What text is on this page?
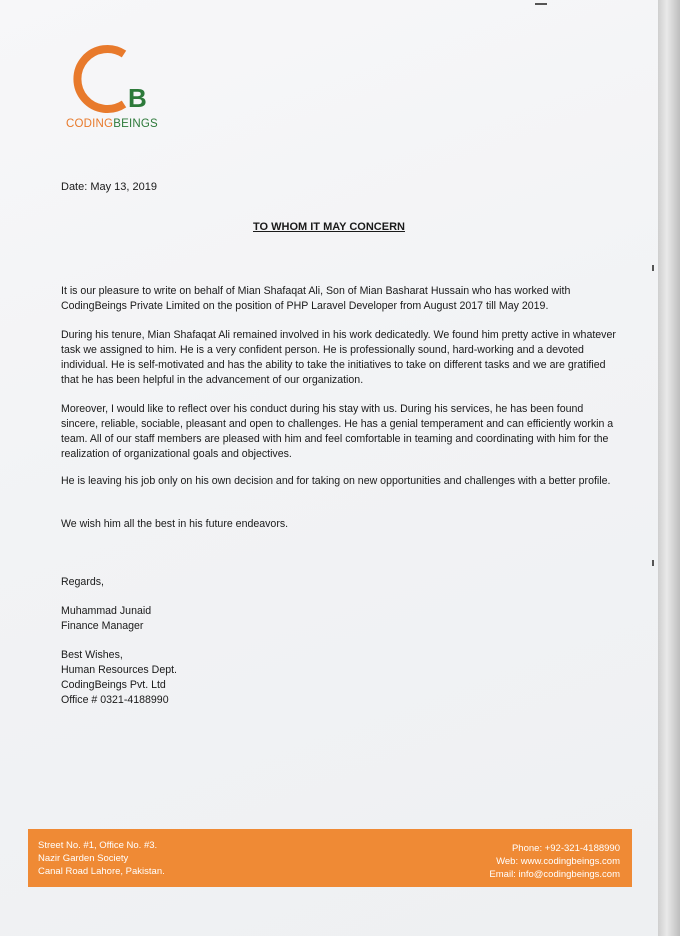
B
CODINGBEINGS
Date: May 13, 2019
TO WHOM IT MAY CONCERN

It is our pleasure to write on behalf of Mian Shafaqat Ali, Son of Mian Basharat Hussain who has worked with CodingBeings Private Limited on the position of PHP Laravel Developer from August 2017 till May 2019.

During his tenure, Mian Shafaqat Ali remained involved in his work dedicatedly. We found him pretty active in whatever task we assigned to him. He is a very confident person. He is professionally sound, hard-working and a devoted individual. He is self-motivated and has the ability to take the initiatives to take on different tasks and we are gratified that he has been helpful in the advancement of our organization.

Moreover, I would like to reflect over his conduct during his stay with us. During his services, he has been found sincere, reliable, sociable, pleasant and open to challenges. He has a genial temperament and can efficiently workin a team. All of our staff members are pleased with him and feel comfortable in teaming and coordinating with him for the realization of organizational goals and objectives.

He is leaving his job only on his own decision and for taking on new opportunities and challenges with a better profile.

We wish him all the best in his future endeavors.

Regards,
Muhammad Junaid
Finance Manager
Best Wishes,
Human Resources Dept.
CodingBeings Pvt. Ltd
Office # 0321-4188990
Street No. #1, Office No. #3.
Nazir Garden Society
Canal Road Lahore, Pakistan.
Phone: +92-321-4188990
Web: www.codingbeings.com
Email: info@codingbeings.com
